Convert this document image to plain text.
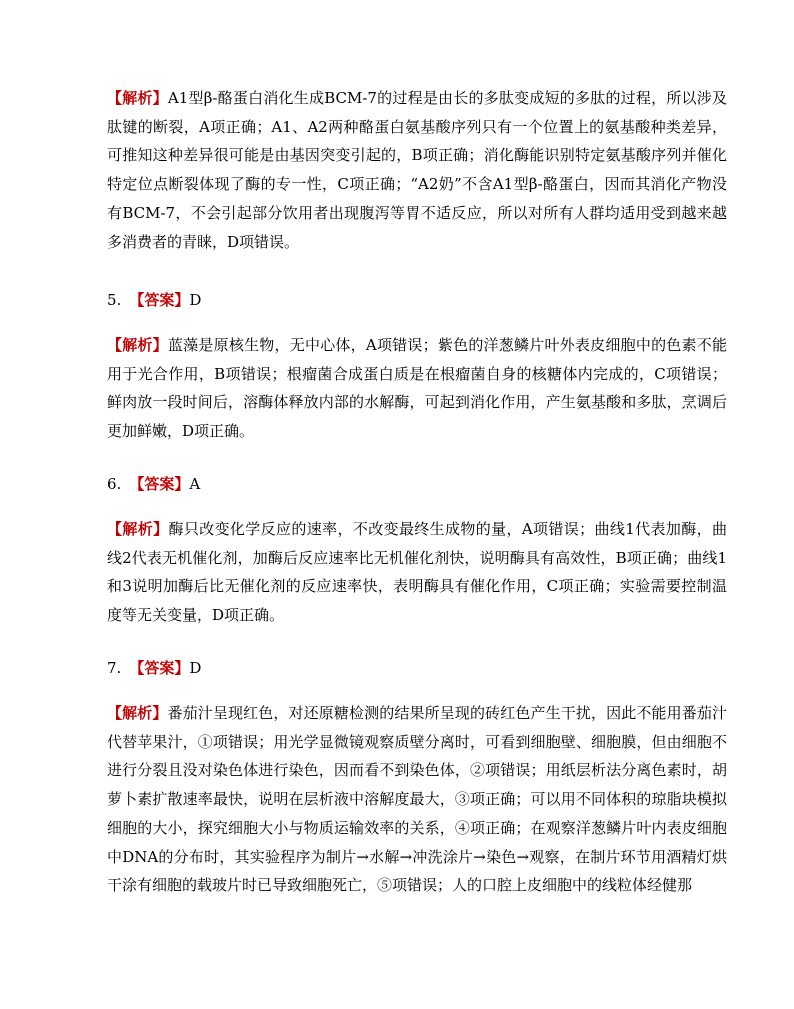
【解析】A1型β-酪蛋白消化生成BCM-7的过程是由长的多肽变成短的多肽的过程，所以涉及肽键的断裂，A项正确；A1、A2两种酪蛋白氨基酸序列只有一个位置上的氨基酸种类差异，可推知这种差异很可能是由基因突变引起的，B项正确；消化酶能识别特定氨基酸序列并催化特定位点断裂体现了酶的专一性，C项正确；“A2奶”不含A1型β-酪蛋白，因而其消化产物没有BCM-7，不会引起部分饮用者出现腹泻等胃不适反应，所以对所有人群均适用受到越来越多消费者的青睐，D项错误。

5. 【答案】D

【解析】蓝藻是原核生物，无中心体，A项错误；紫色的洋葱鳞片叶外表皮细胞中的色素不能用于光合作用，B项错误；根瘤菌合成蛋白质是在根瘤菌自身的核糖体内完成的，C项错误；鲜肉放一段时间后，溶酶体释放内部的水解酶，可起到消化作用，产生氨基酸和多肽，烹调后更加鲜嫩，D项正确。

6. 【答案】A

【解析】酶只改变化学反应的速率，不改变最终生成物的量，A项错误；曲线1代表加酶，曲线2代表无机催化剂，加酶后反应速率比无机催化剂快，说明酶具有高效性，B项正确；曲线1和3说明加酶后比无催化剂的反应速率快，表明酶具有催化作用，C项正确；实验需要控制温度等无关变量，D项正确。

7. 【答案】D

【解析】番茄汁呈现红色，对还原糖检测的结果所呈现的砖红色产生干扰，因此不能用番茄汁代替苹果汁，①项错误；用光学显微镜观察质壁分离时，可看到细胞壁、细胞膜，但由细胞不进行分裂且没对染色体进行染色，因而看不到染色体，②项错误；用纸层析法分离色素时，胡萝卜素扩散速率最快，说明在层析液中溶解度最大，③项正确；可以用不同体积的琼脂块模拟细胞的大小，探究细胞大小与物质运输效率的关系，④项正确；在观察洋葱鳞片叶内表皮细胞中DNA的分布时，其实验程序为制片→水解→冲洗涂片→染色→观察，在制片环节用酒精灯烘干涂有细胞的载玻片时已导致细胞死亡，⑤项错误；人的口腔上皮细胞中的线粒体经健那
